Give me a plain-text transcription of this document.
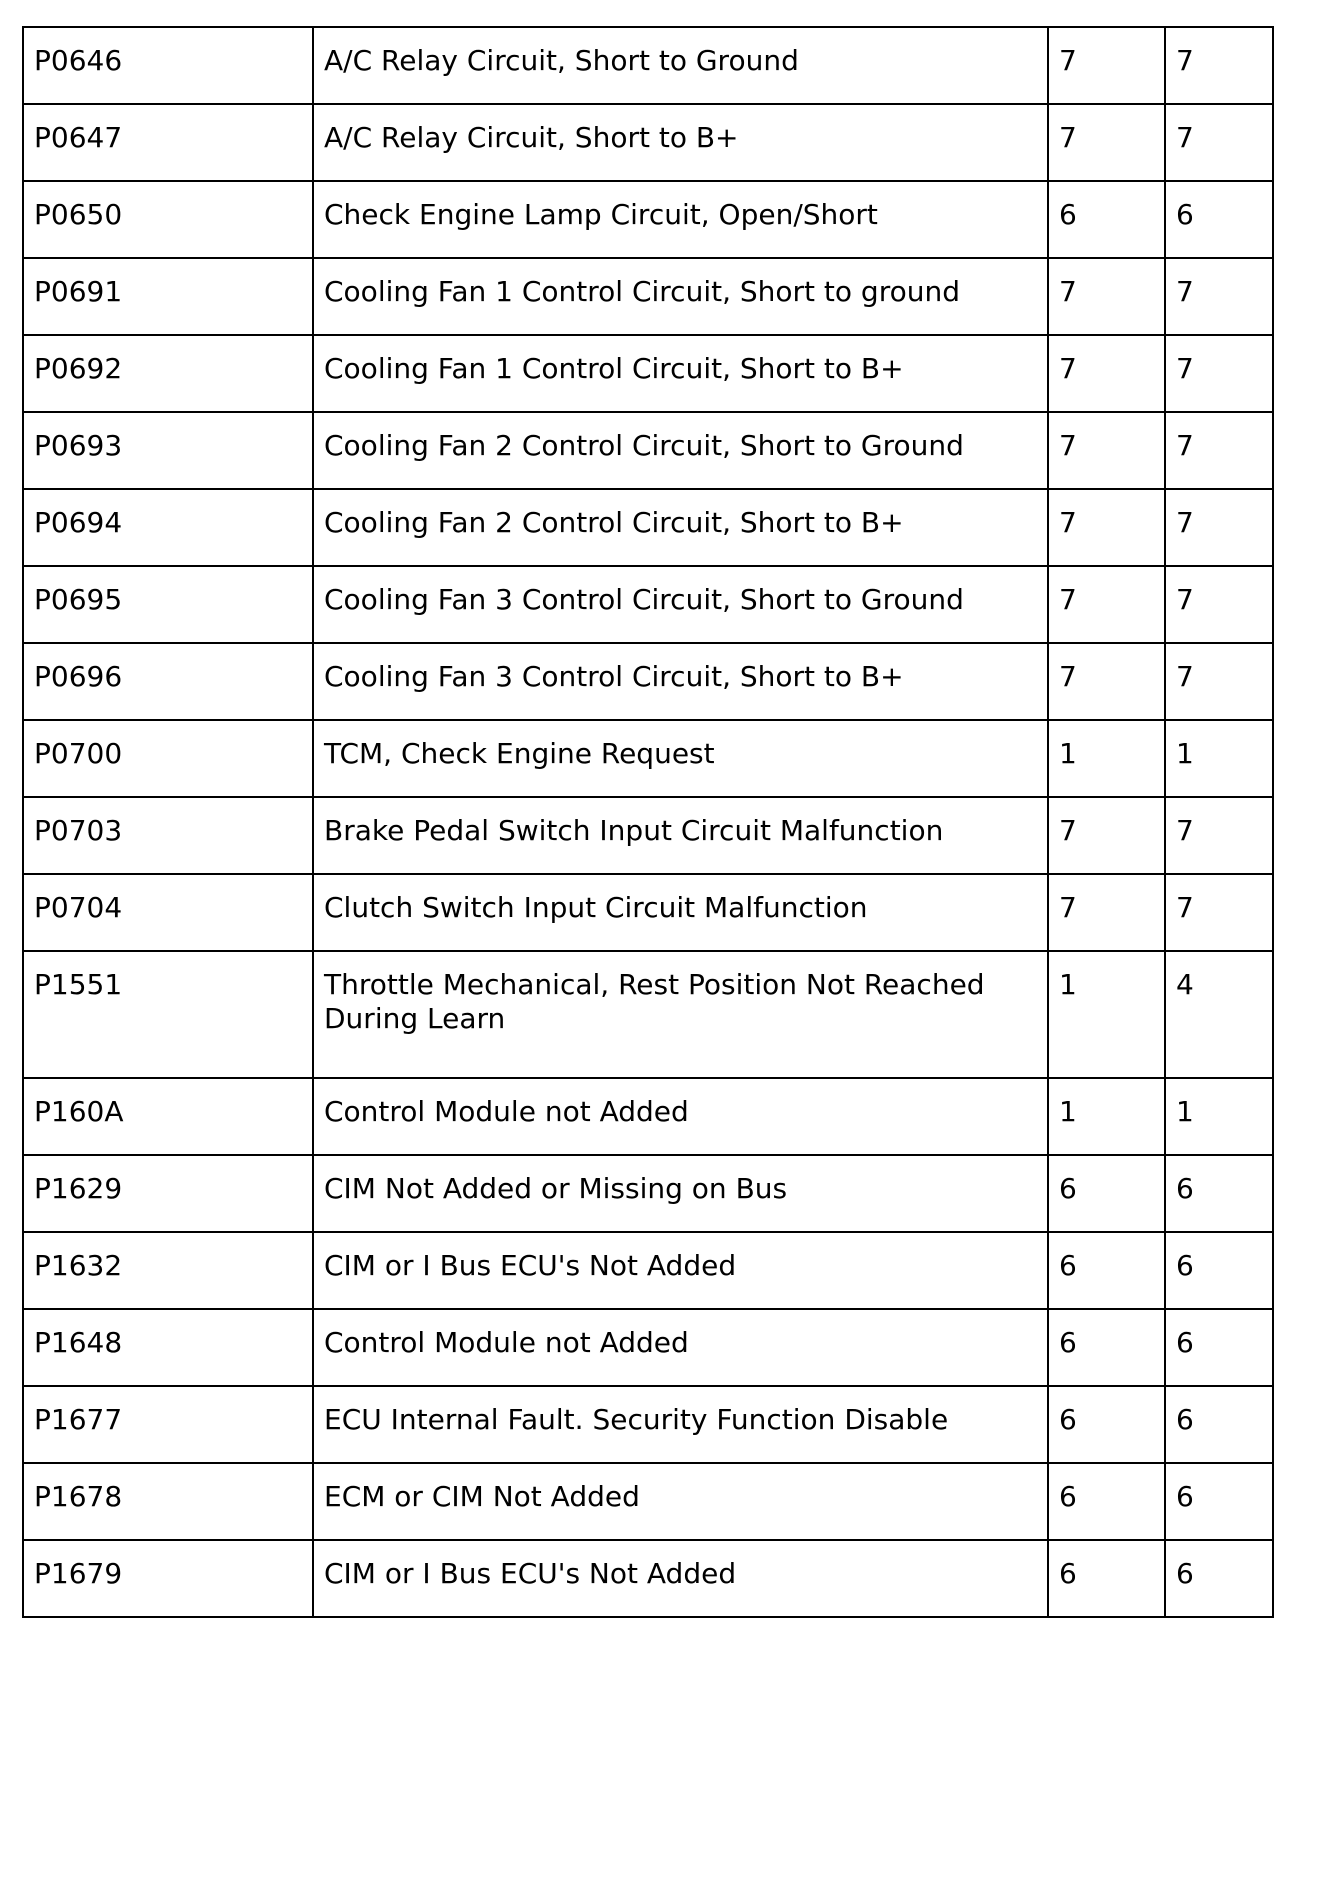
P0646	A/C Relay Circuit, Short to Ground	7	7
P0647	A/C Relay Circuit, Short to B+	7	7
P0650	Check Engine Lamp Circuit, Open/Short	6	6
P0691	Cooling Fan 1 Control Circuit, Short to ground	7	7
P0692	Cooling Fan 1 Control Circuit, Short to B+	7	7
P0693	Cooling Fan 2 Control Circuit, Short to Ground	7	7
P0694	Cooling Fan 2 Control Circuit, Short to B+	7	7
P0695	Cooling Fan 3 Control Circuit, Short to Ground	7	7
P0696	Cooling Fan 3 Control Circuit, Short to B+	7	7
P0700	TCM, Check Engine Request	1	1
P0703	Brake Pedal Switch Input Circuit Malfunction	7	7
P0704	Clutch Switch Input Circuit Malfunction	7	7
P1551	Throttle Mechanical, Rest Position Not Reached During Learn	1	4
P160A	Control Module not Added	1	1
P1629	CIM Not Added or Missing on Bus	6	6
P1632	CIM or I Bus ECU's Not Added	6	6
P1648	Control Module not Added	6	6
P1677	ECU Internal Fault. Security Function Disable	6	6
P1678	ECM or CIM Not Added	6	6
P1679	CIM or I Bus ECU's Not Added	6	6
